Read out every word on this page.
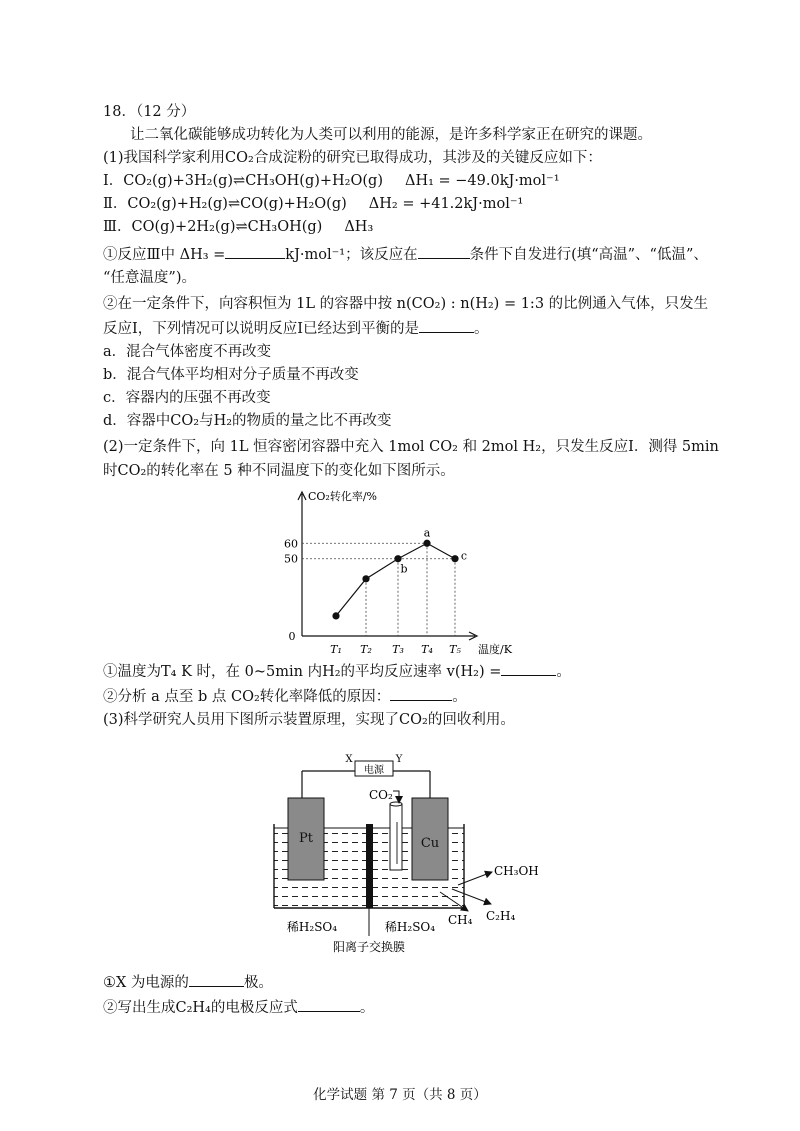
18．（12 分）
让二氧化碳能够成功转化为人类可以利用的能源，是许多科学家正在研究的课题。
(1)我国科学家利用CO₂合成淀粉的研究已取得成功，其涉及的关键反应如下：
Ⅰ．CO₂(g)+3H₂(g)⇌CH₃OH(g)+H₂O(g) ΔH₁ = −49.0kJ·mol⁻¹
Ⅱ．CO₂(g)+H₂(g)⇌CO(g)+H₂O(g) ΔH₂ = +41.2kJ·mol⁻¹
Ⅲ．CO(g)+2H₂(g)⇌CH₃OH(g) ΔH₃
①反应Ⅲ中 ΔH₃ =	kJ·mol⁻¹；该反应在	条件下自发进行(填“高温”、“低温”、
“任意温度”)。
②在一定条件下，向容积恒为 1L 的容器中按 n(CO₂) : n(H₂) = 1:3 的比例通入气体，只发生
反应Ⅰ，下列情况可以说明反应Ⅰ已经达到平衡的是	。
a．混合气体密度不再改变
b．混合气体平均相对分子质量不再改变
c．容器内的压强不再改变
d．容器中CO₂与H₂的物质的量之比不再改变
(2)一定条件下，向 1L 恒容密闭容器中充入 1mol CO₂ 和 2mol H₂，只发生反应Ⅰ．测得 5min
时CO₂的转化率在 5 种不同温度下的变化如下图所示。
CO₂转化率/%
温度/K
0
50
60
T₁ T₂ T₃
b
T₄
a
T₅
c
①温度为T₄ K 时，在 0~5min 内H₂的平均反应速率 v(H₂) =	。
②分析 a 点至 b 点 CO₂转化率降低的原因：	。
(3)科学研究人员用下图所示装置原理，实现了CO₂的回收利用。
电源
X	Y
Pt	Cu
CO₂
CH₃OH
CH₄ C₂H₄
稀H₂SO₄	稀H₂SO₄
阳离子交换膜
①X 为电源的	极。
②写出生成C₂H₄的电极反应式	。
化学试题 第 7 页（共 8 页）
